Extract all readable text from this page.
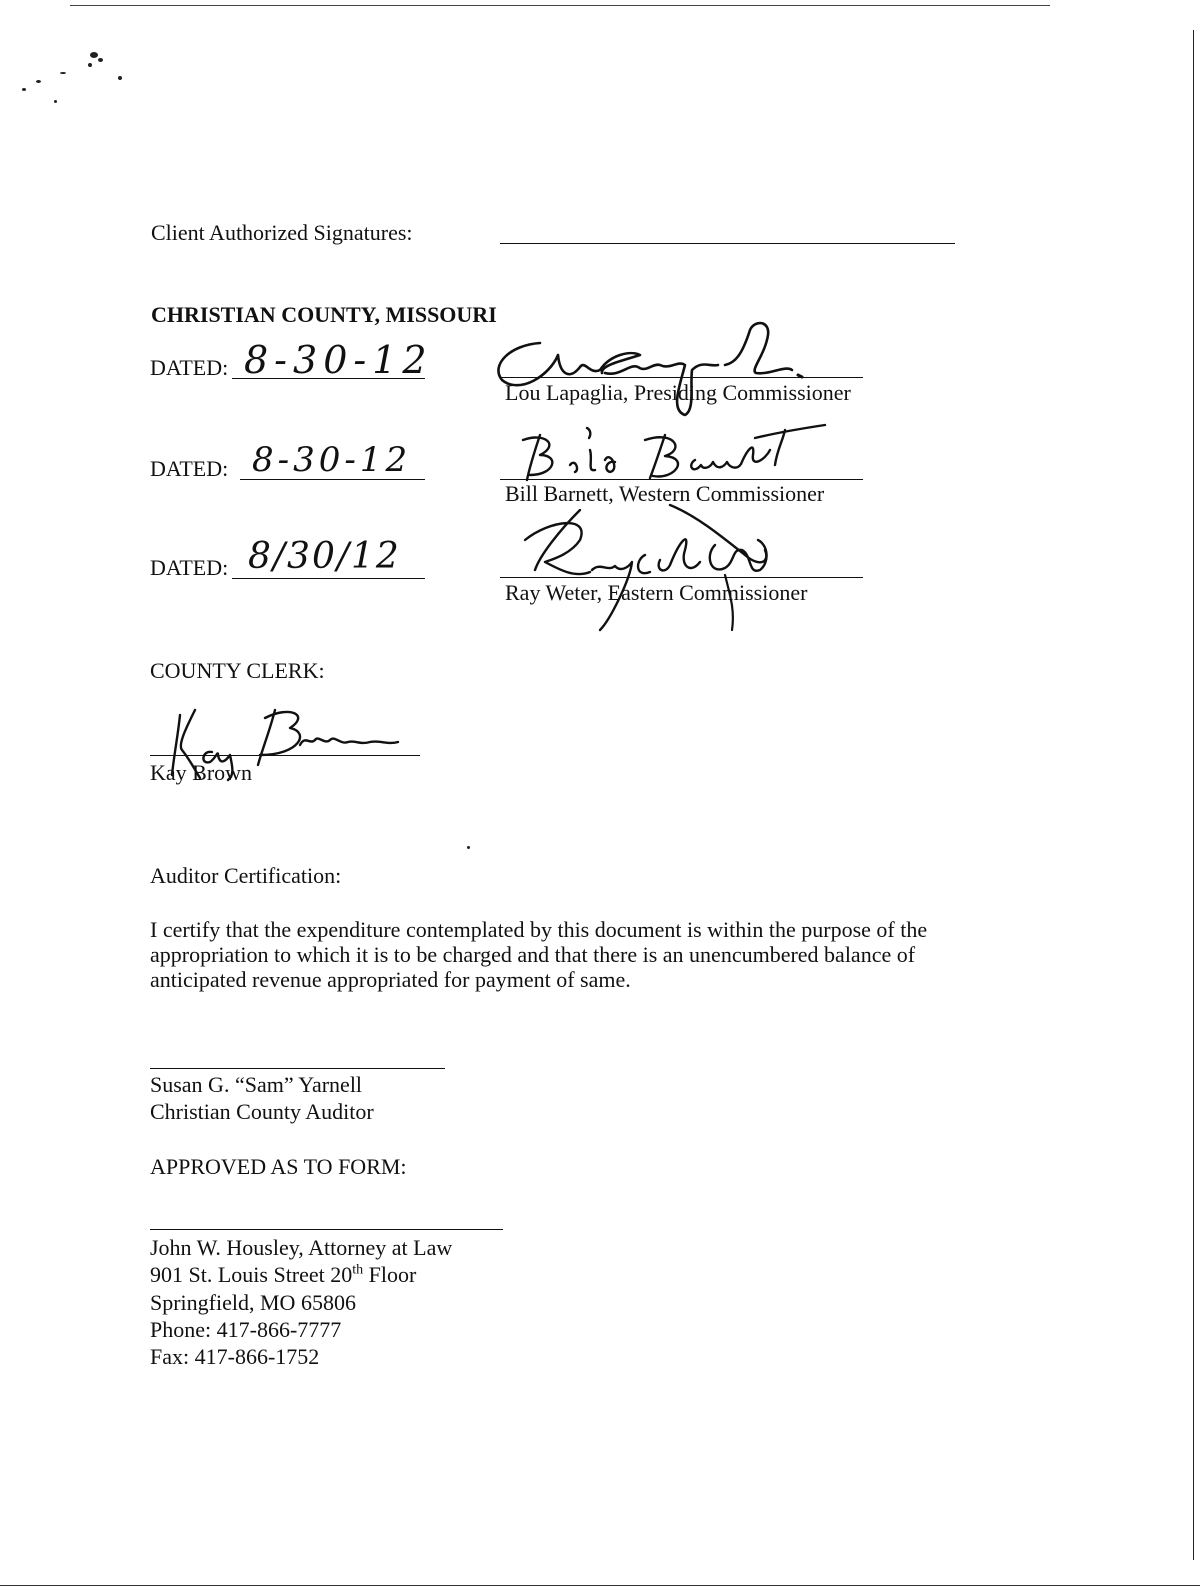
Client Authorized Signatures:
CHRISTIAN COUNTY, MISSOURI
DATED: 8-30-12
Lou Lapaglia, Presiding Commissioner
DATED: 8-30-12
Bill Barnett, Western Commissioner
DATED: 8/30/12
Ray Weter, Eastern Commissioner
COUNTY CLERK:
Kay Brown
Auditor Certification:
I certify that the expenditure contemplated by this document is within the purpose of the
appropriation to which it is to be charged and that there is an unencumbered balance of
anticipated revenue appropriated for payment of same.
Susan G. “Sam” Yarnell
Christian County Auditor
APPROVED AS TO FORM:
John W. Housley, Attorney at Law
901 St. Louis Street 20th Floor
Springfield, MO 65806
Phone: 417-866-7777
Fax: 417-866-1752
